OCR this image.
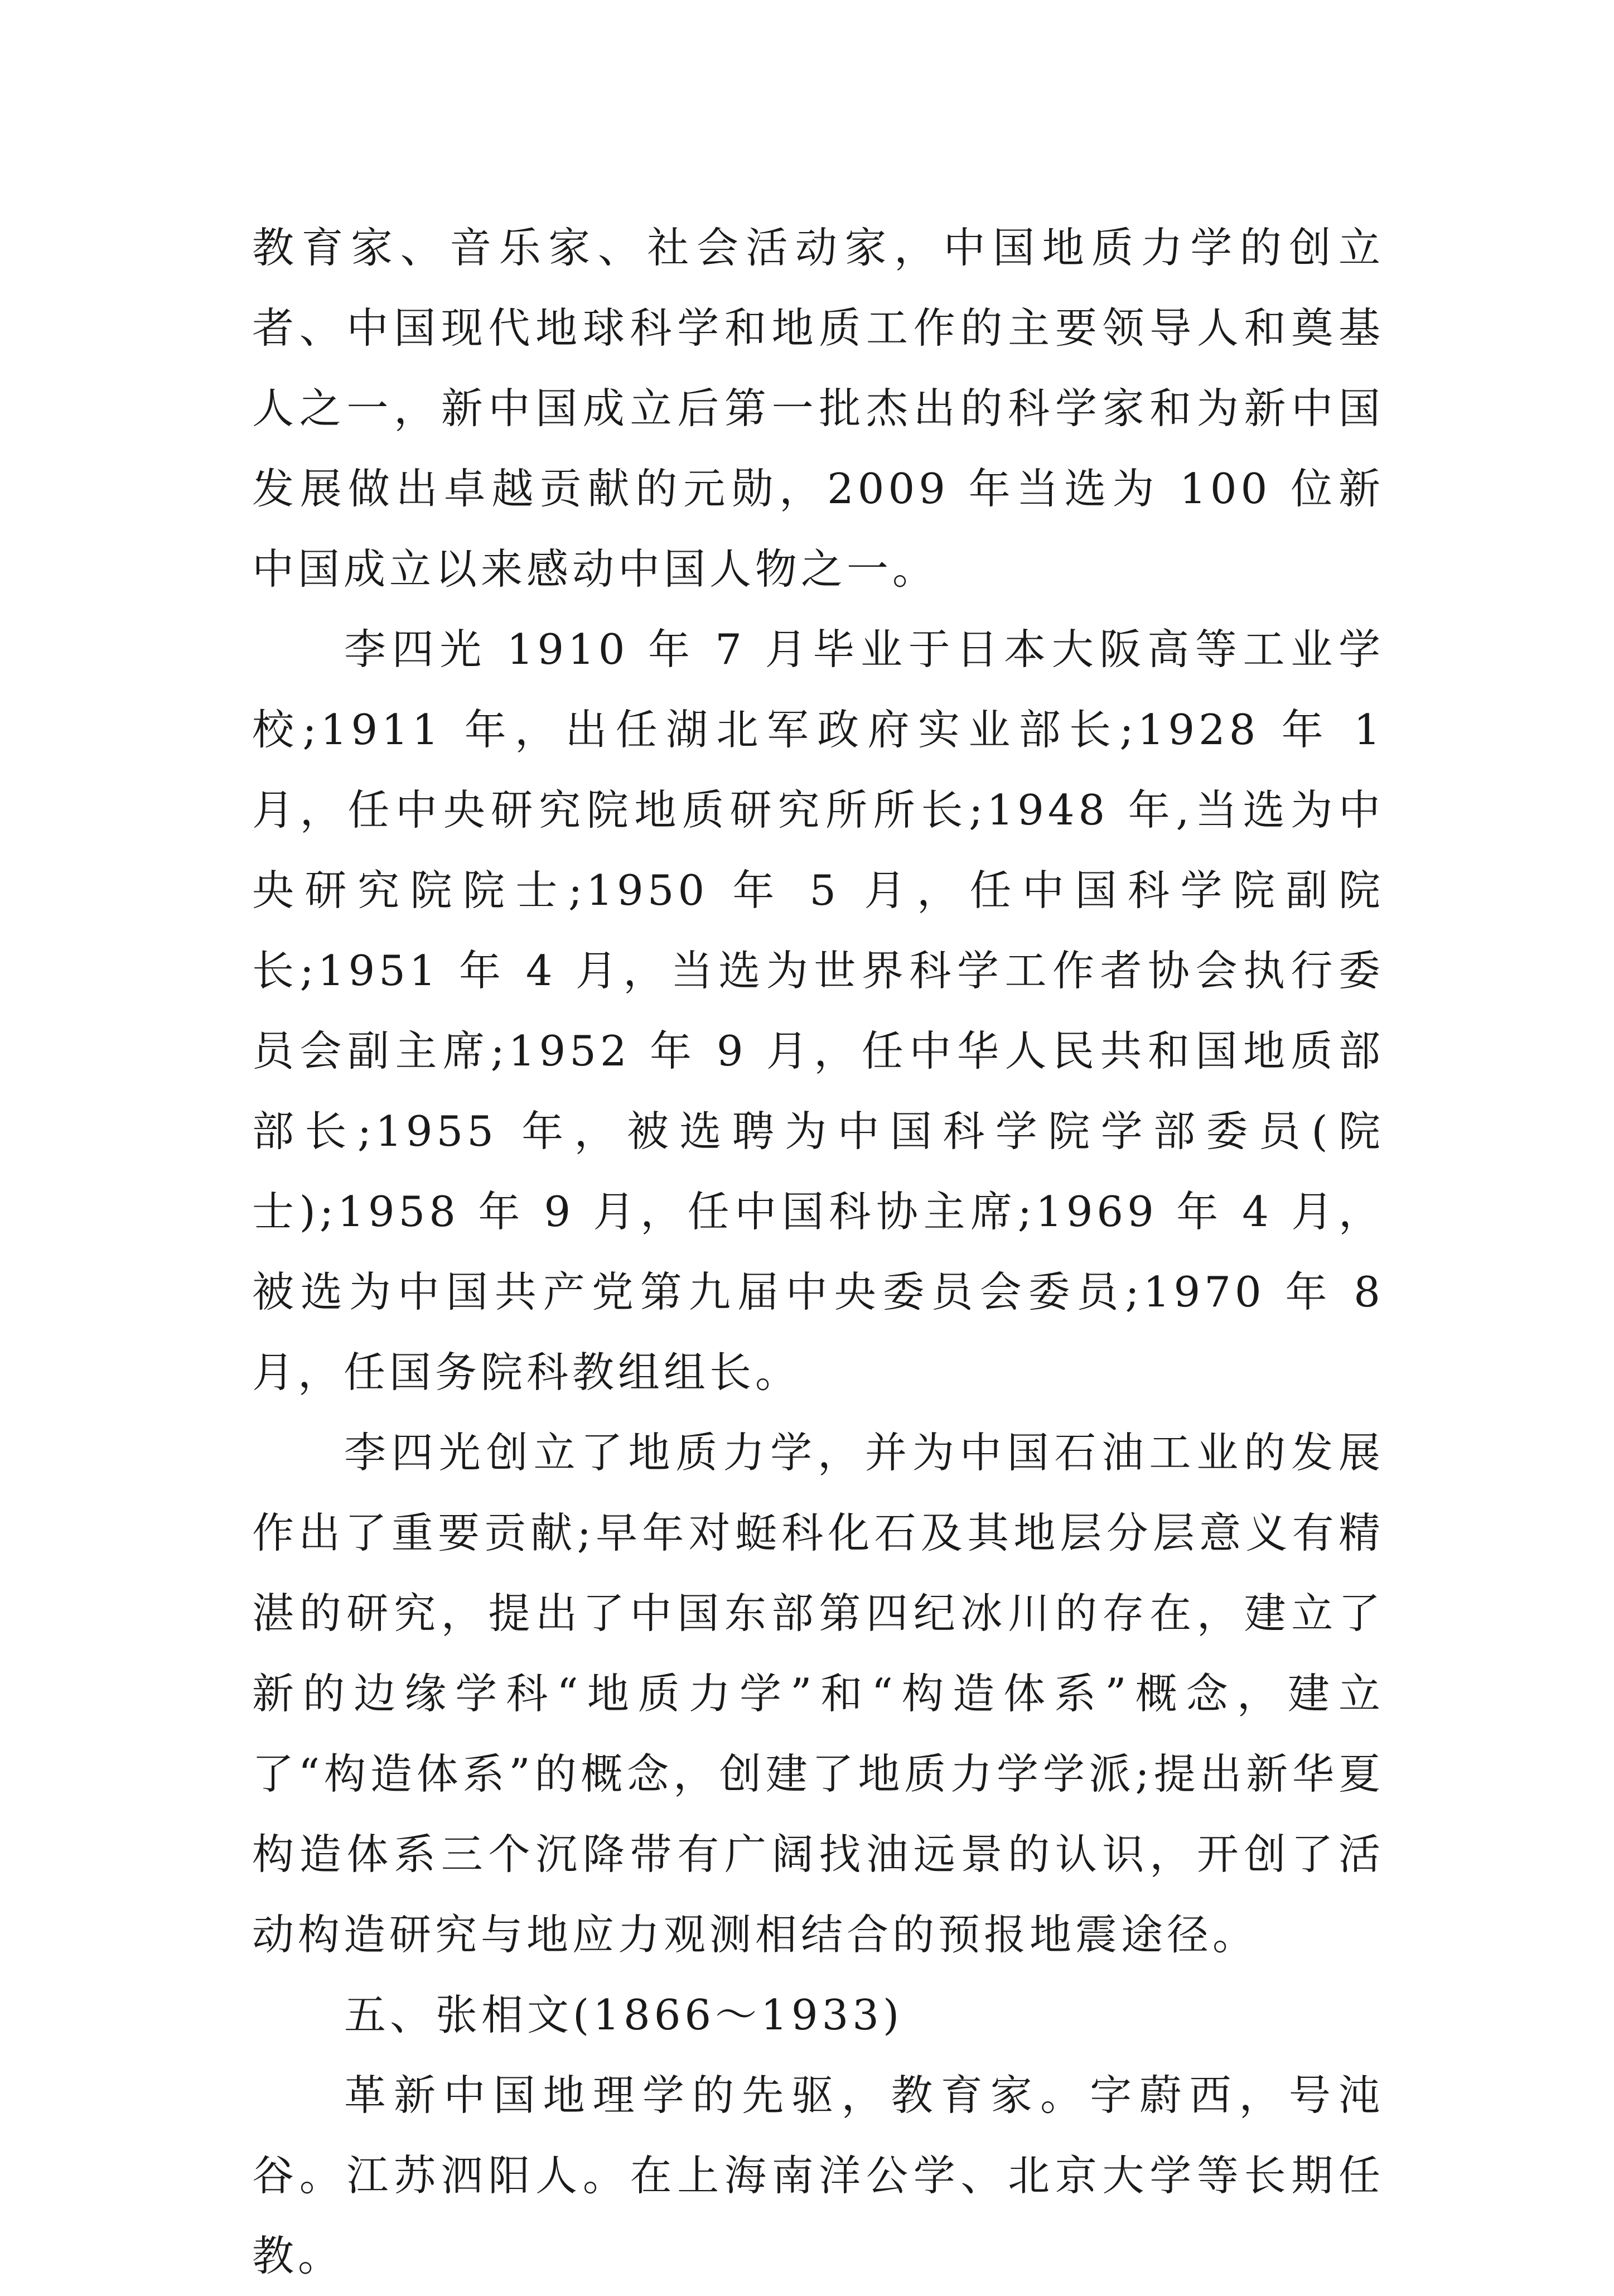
教育家、音乐家、社会活动家，中国地质力学的创立者、中国现代地球科学和地质工作的主要领导人和奠基人之一，新中国成立后第一批杰出的科学家和为新中国发展做出卓越贡献的元勋，2009 年当选为 100 位新中国成立以来感动中国人物之一。

李四光 1910 年 7 月毕业于日本大阪高等工业学校;1911 年，出任湖北军政府实业部长;1928 年 1 月，任中央研究院地质研究所所长;1948 年,当选为中央研究院院士;1950 年 5 月，任中国科学院副院长;1951 年 4 月，当选为世界科学工作者协会执行委员会副主席;1952 年 9 月，任中华人民共和国地质部部长;1955 年，被选聘为中国科学院学部委员(院士);1958 年 9 月，任中国科协主席;1969 年 4 月，被选为中国共产党第九届中央委员会委员;1970 年 8 月，任国务院科教组组长。

李四光创立了地质力学，并为中国石油工业的发展作出了重要贡献;早年对蜓科化石及其地层分层意义有精湛的研究，提出了中国东部第四纪冰川的存在，建立了新的边缘学科“地质力学”和“构造体系”概念，建立了“构造体系”的概念，创建了地质力学学派;提出新华夏构造体系三个沉降带有广阔找油远景的认识，开创了活动构造研究与地应力观测相结合的预报地震途径。

五、张相文(1866～1933)

革新中国地理学的先驱，教育家。字蔚西，号沌谷。江苏泗阳人。在上海南洋公学、北京大学等长期任教。
